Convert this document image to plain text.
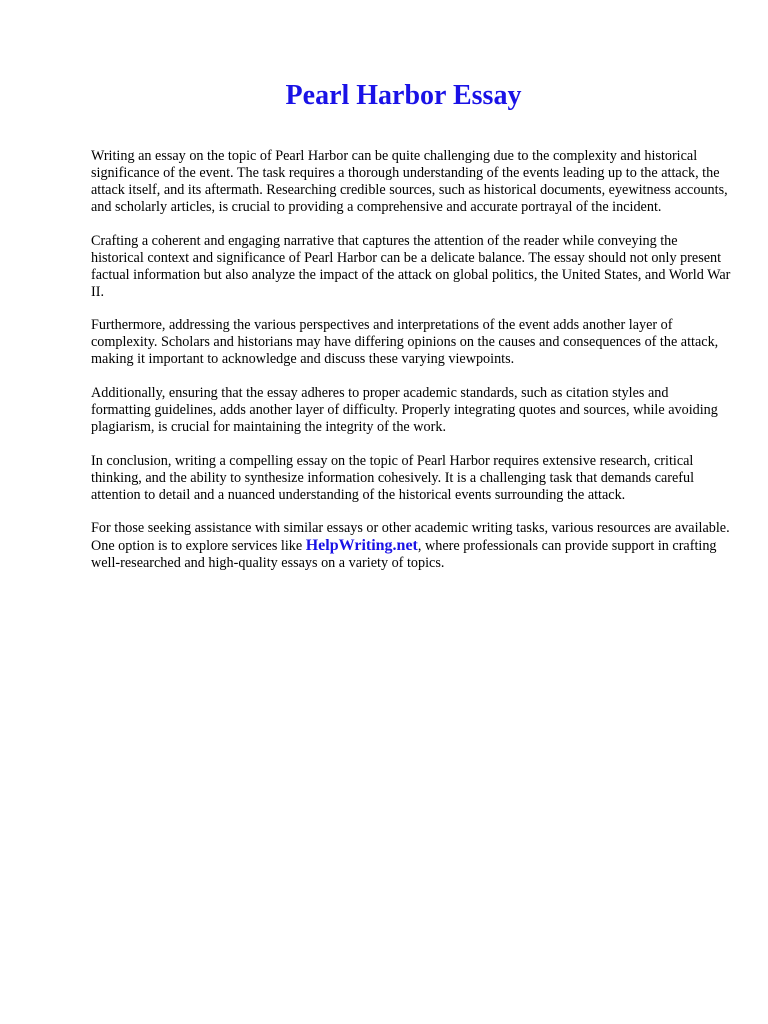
Pearl Harbor Essay

Writing an essay on the topic of Pearl Harbor can be quite challenging due to the complexity and historical significance of the event. The task requires a thorough understanding of the events leading up to the attack, the attack itself, and its aftermath. Researching credible sources, such as historical documents, eyewitness accounts, and scholarly articles, is crucial to providing a comprehensive and accurate portrayal of the incident.

Crafting a coherent and engaging narrative that captures the attention of the reader while conveying the historical context and significance of Pearl Harbor can be a delicate balance. The essay should not only present factual information but also analyze the impact of the attack on global politics, the United States, and World War II.

Furthermore, addressing the various perspectives and interpretations of the event adds another layer of complexity. Scholars and historians may have differing opinions on the causes and consequences of the attack, making it important to acknowledge and discuss these varying viewpoints.

Additionally, ensuring that the essay adheres to proper academic standards, such as citation styles and formatting guidelines, adds another layer of difficulty. Properly integrating quotes and sources, while avoiding plagiarism, is crucial for maintaining the integrity of the work.

In conclusion, writing a compelling essay on the topic of Pearl Harbor requires extensive research, critical thinking, and the ability to synthesize information cohesively. It is a challenging task that demands careful attention to detail and a nuanced understanding of the historical events surrounding the attack.

For those seeking assistance with similar essays or other academic writing tasks, various resources are available. One option is to explore services like HelpWriting.net, where professionals can provide support in crafting well-researched and high-quality essays on a variety of topics.
